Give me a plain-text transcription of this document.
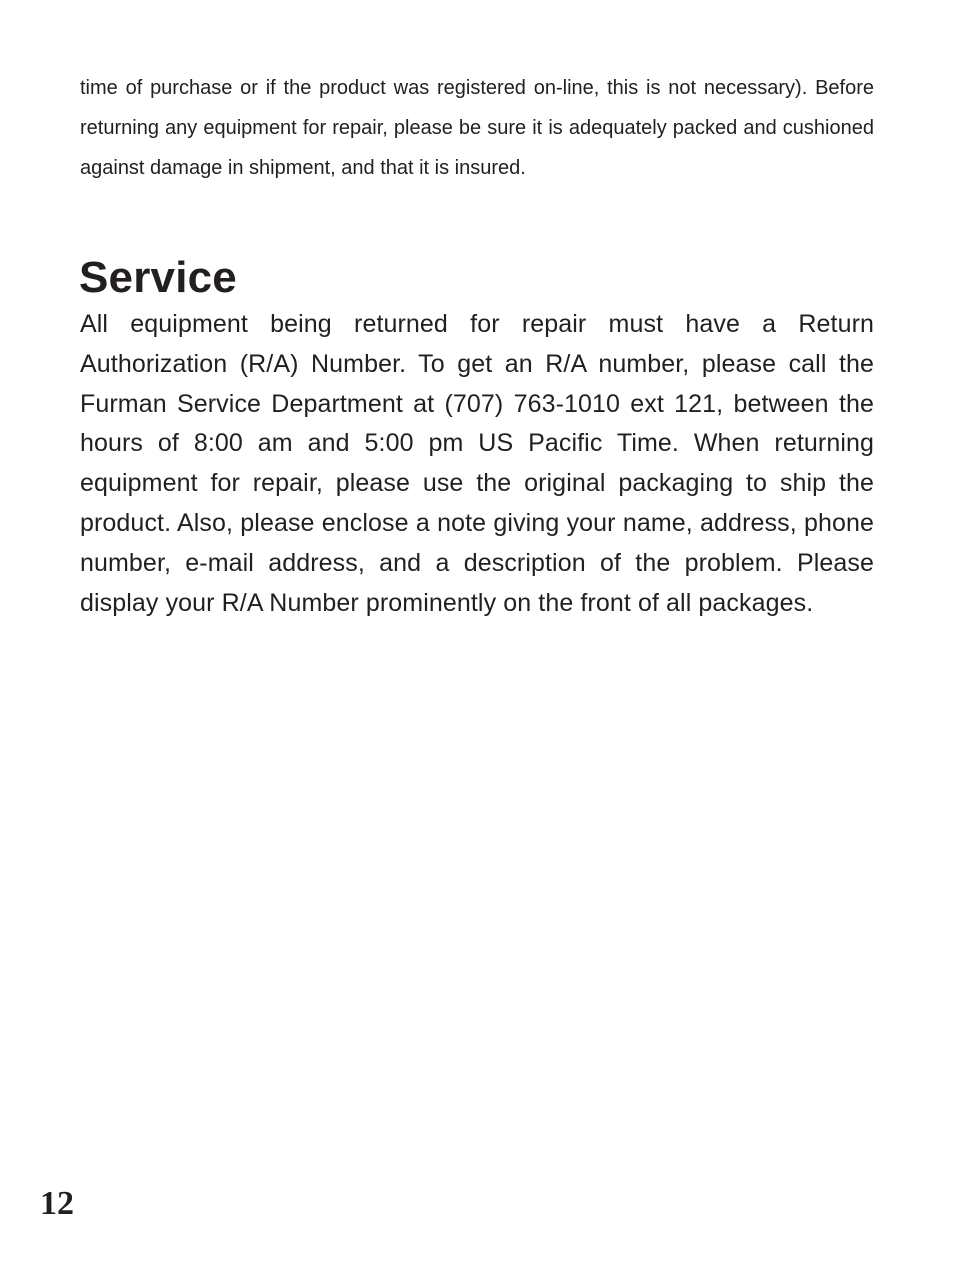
time of purchase or if the product was registered on-line, this is not necessary). Before returning any equipment for repair, please be sure it is adequately packed and cushioned against damage in shipment, and that it is insured.

Service

All equipment being returned for repair must have a Return Authorization (R/A) Number. To get an R/A number, please call the Furman Service Department at (707) 763-1010 ext 121, between the hours of 8:00 am and 5:00 pm US Pacific Time. When returning equipment for repair, please use the original packaging to ship the product. Also, please enclose a note giving your name, address, phone number, e-mail address, and a description of the problem. Please display your R/A Number prominently on the front of all packages.

12
